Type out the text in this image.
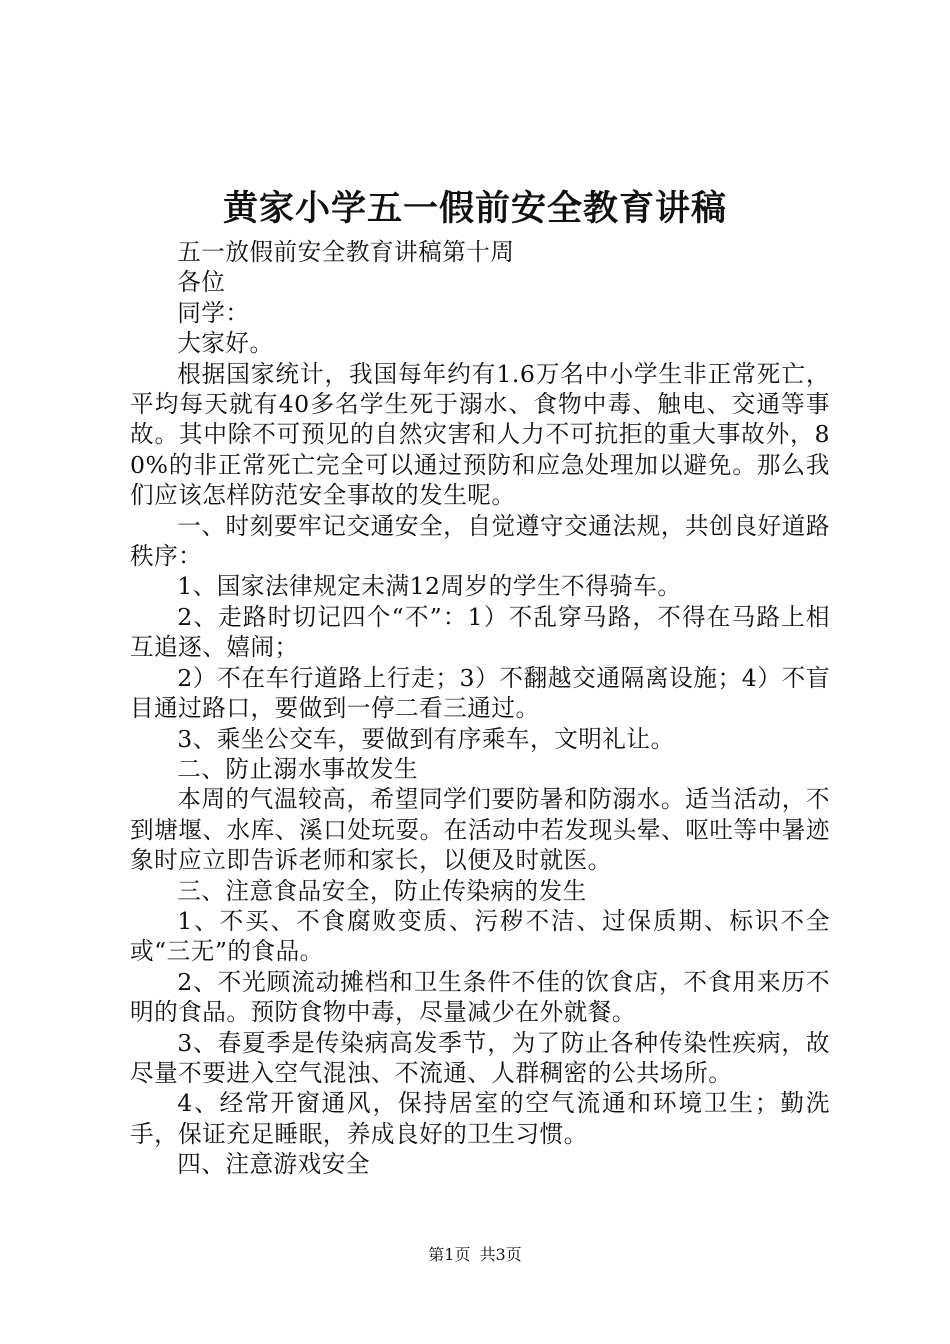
黄家小学五一假前安全教育讲稿

五一放假前安全教育讲稿第十周

各位

同学：

大家好。

根据国家统计，我国每年约有1.6万名中小学生非正常死亡，平均每天就有40多名学生死于溺水、食物中毒、触电、交通等事故。其中除不可预见的自然灾害和人力不可抗拒的重大事故外，80%的非正常死亡完全可以通过预防和应急处理加以避免。那么我们应该怎样防范安全事故的发生呢。

一、时刻要牢记交通安全，自觉遵守交通法规，共创良好道路秩序：

1、国家法律规定未满12周岁的学生不得骑车。

2、走路时切记四个“不”：1）不乱穿马路，不得在马路上相互追逐、嬉闹；

2）不在车行道路上行走；3）不翻越交通隔离设施；4）不盲目通过路口，要做到一停二看三通过。

3、乘坐公交车，要做到有序乘车，文明礼让。

二、防止溺水事故发生

本周的气温较高，希望同学们要防暑和防溺水。适当活动，不到塘堰、水库、溪口处玩耍。在活动中若发现头晕、呕吐等中暑迹象时应立即告诉老师和家长，以便及时就医。

三、注意食品安全，防止传染病的发生

1、不买、不食腐败变质、污秽不洁、过保质期、标识不全或“三无”的食品。

2、不光顾流动摊档和卫生条件不佳的饮食店，不食用来历不明的食品。预防食物中毒，尽量减少在外就餐。

3、春夏季是传染病高发季节，为了防止各种传染性疾病，故尽量不要进入空气混浊、不流通、人群稠密的公共场所。

4、经常开窗通风，保持居室的空气流通和环境卫生；勤洗手，保证充足睡眠，养成良好的卫生习惯。

四、注意游戏安全

第1页 共3页
